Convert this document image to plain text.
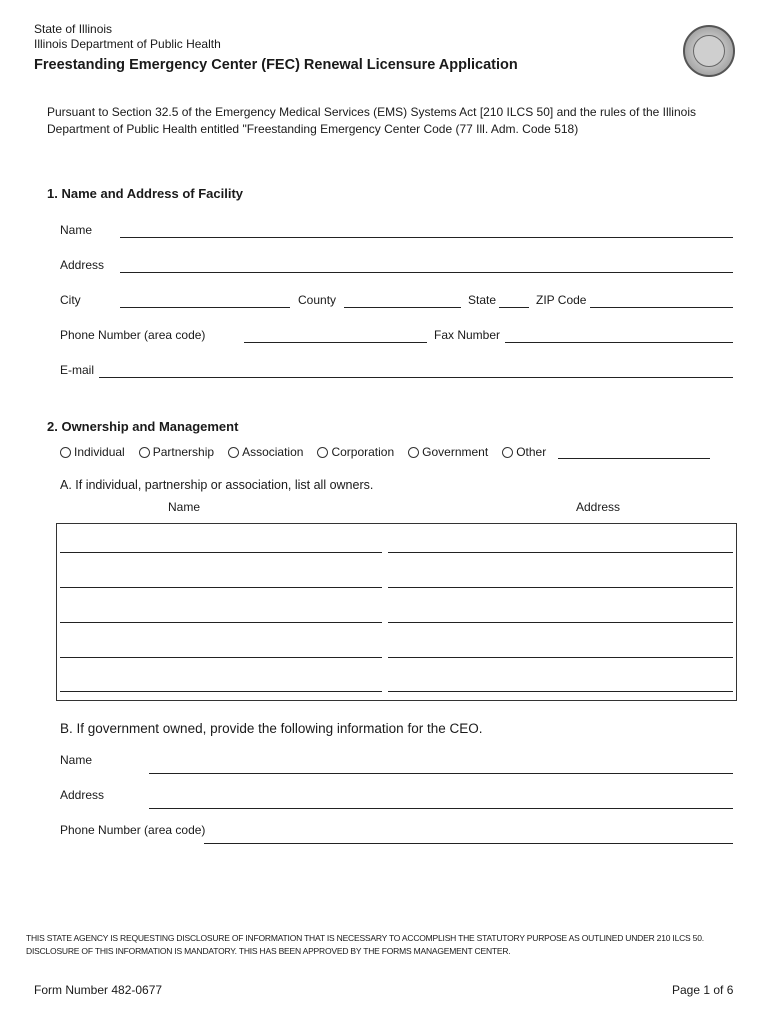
State of Illinois
Illinois Department of Public Health
Freestanding Emergency Center (FEC) Renewal Licensure Application
Pursuant to Section 32.5 of the Emergency Medical Services (EMS) Systems Act [210 ILCS 50] and the rules of the Illinois Department of Public Health entitled "Freestanding Emergency Center Code (77 Ill. Adm. Code 518)
1. Name and Address of Facility
Name
Address
City	County	State	ZIP Code
Phone Number (area code)	Fax Number
E-mail
2. Ownership and Management
Individual Partnership Association Corporation Government Other
A. If individual, partnership or association, list all owners.
Name	Address
B. If government owned, provide the following information for the CEO.
Name
Address
Phone Number (area code)
THIS STATE AGENCY IS REQUESTING DISCLOSURE OF INFORMATION THAT IS NECESSARY TO ACCOMPLISH THE STATUTORY PURPOSE AS OUTLINED UNDER 210 ILCS 50. DISCLOSURE OF THIS INFORMATION IS MANDATORY. THIS HAS BEEN APPROVED BY THE FORMS MANAGEMENT CENTER.
Form Number 482-0677	Page 1 of 6
